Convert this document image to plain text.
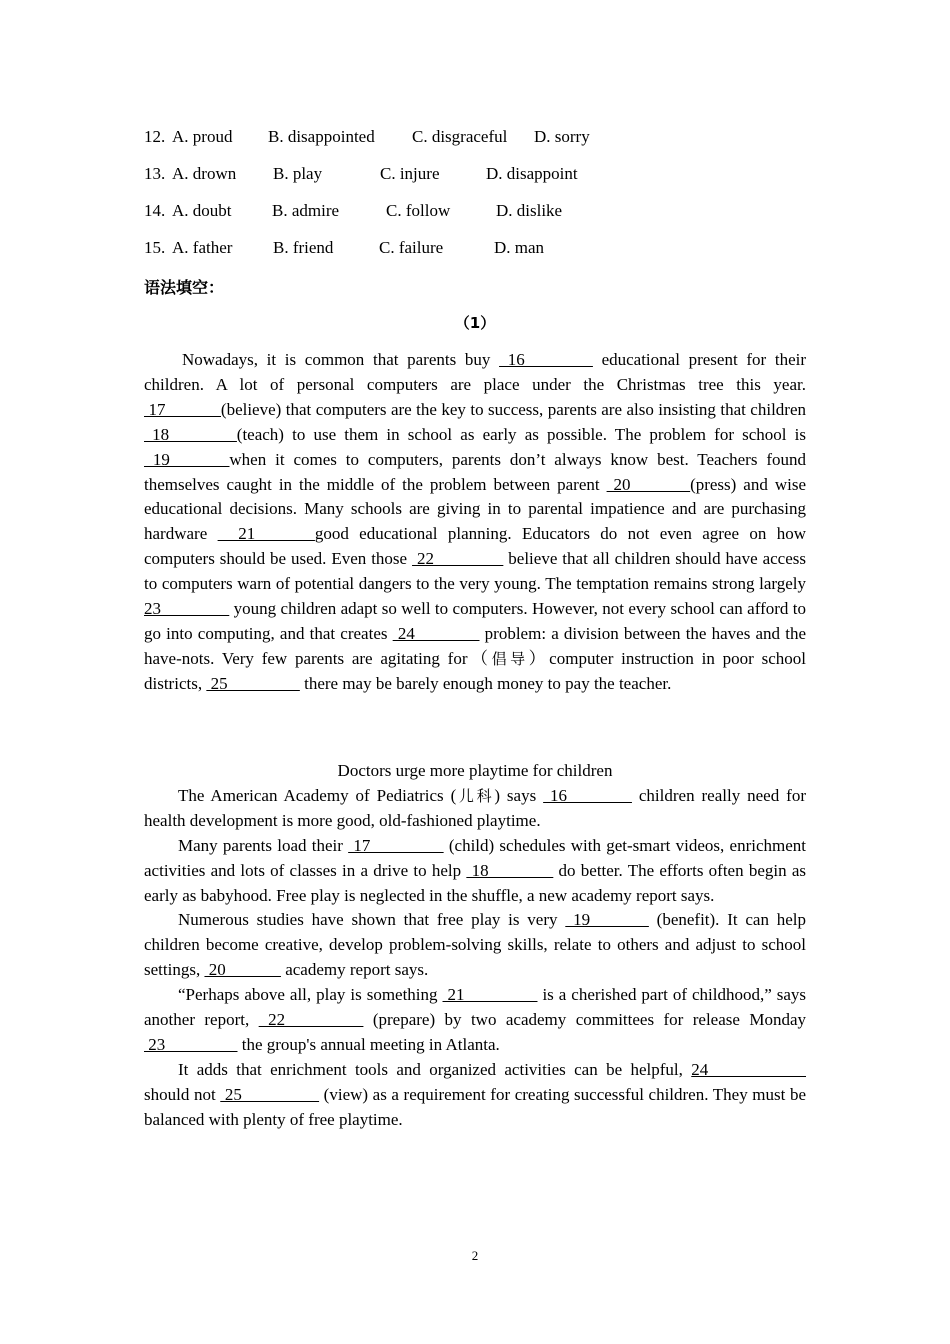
12. A. proud B. disappointed C. disgraceful D. sorry
13. A. drown B. play	C. injure	D. disappoint
14. A. doubt B. admire	C. follow	D. dislike
15. A. father B. friend	C. failure	D. man
语法填空：
（1）

Nowadays, it is common that parents buy  16_______  educational present for their children. A lot of personal computers are place under the Christmas tree this year.  17 ______(believe) that computers are the key to success, parents are also insisting that children  18 _______(teach) to use them in school as early as possible. The problem for school is  19_______when it comes to computers, parents don’t always know best. Teachers found themselves caught in the middle of the problem between parent  20_______(press) and wise educational decisions. Many schools are giving in to parental impatience and are purchasing hardware   21_______good educational planning. Educators do not even agree on how computers should be used. Even those  22 _______  believe that all children should have access to computers warn of potential dangers to the very young. The temptation remains strong largely 23 _______  young children adapt so well to computers. However, not every school can afford to go into computing, and that creates  24_______  problem: a division between the haves and the have-nots. Very few parents are agitating for（倡导）computer instruction in poor school districts,  25________  there may be barely enough money to pay the teacher.

Doctors urge more playtime for children

The American Academy of Pediatrics (儿科) says  16 ______  children really need for health development is more good, old-fashioned playtime.

Many parents load their  17________  (child) schedules with get-smart videos, enrichment activities and lots of classes in a drive to help  18_______  do better. The efforts often begin as early as babyhood. Free play is neglected in the shuffle, a new academy report says.

Numerous studies have shown that free play is very  19______  (benefit). It can help children become creative, develop problem-solving skills, relate to others and adjust to school settings,  20______  academy report says.

“Perhaps above all, play is something  21________  is a cherished part of childhood,” says another report,  22 _______  (prepare) by two academy committees for release Monday  23________  the group's annual meeting in Atlanta.

It adds that enrichment tools and organized activities can be helpful, 24___________  should not  25 ________  (view) as a requirement for creating successful children. They must be balanced with plenty of free playtime.

2
